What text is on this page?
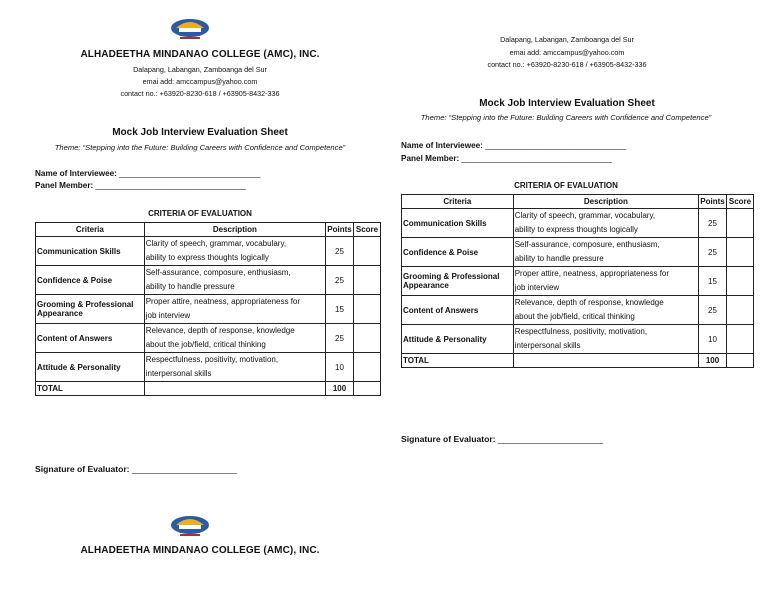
ALHADEETHA MINDANAO COLLEGE (AMC), INC.
Dalapang, Labangan, Zamboanga del Sur
emai add: amccampus@yahoo.com
contact no.: +63920-8230-618 / +63905-8432-336
Mock Job Interview Evaluation Sheet
Theme: “Stepping into the Future: Building Careers with Confidence and Competence”
Name of Interviewee: _______________________________
Panel Member: _________________________________
CRITERIA OF EVALUATION
Criteria	Description	Points	Score
Communication Skills	Clarity of speech, grammar, vocabulary,
ability to express thoughts logically	25	
Confidence & Poise	Self-assurance, composure, enthusiasm,
ability to handle pressure	25	
Grooming & Professional Appearance	Proper attire, neatness, appropriateness for
job interview	15	
Content of Answers	Relevance, depth of response, knowledge
about the job/field, critical thinking	25	
Attitude & Personality	Respectfulness, positivity, motivation,
interpersonal skills	10	
TOTAL		100	
Signature of Evaluator: ______________________
ALHADEETHA MINDANAO COLLEGE (AMC), INC.
Dalapang, Labangan, Zamboanga del Sur
emai add: amccampus@yahoo.com
contact no.: +63920-8230-618 / +63905-8432-336
Mock Job Interview Evaluation Sheet
Theme: “Stepping into the Future: Building Careers with Confidence and Competence”
Name of Interviewee: _______________________________
Panel Member: _________________________________
CRITERIA OF EVALUATION
Criteria	Description	Points	Score
Communication Skills	Clarity of speech, grammar, vocabulary,
ability to express thoughts logically	25	
Confidence & Poise	Self-assurance, composure, enthusiasm,
ability to handle pressure	25	
Grooming & Professional Appearance	Proper attire, neatness, appropriateness for
job interview	15	
Content of Answers	Relevance, depth of response, knowledge
about the job/field, critical thinking	25	
Attitude & Personality	Respectfulness, positivity, motivation,
interpersonal skills	10	
TOTAL		100	
Signature of Evaluator: ______________________
